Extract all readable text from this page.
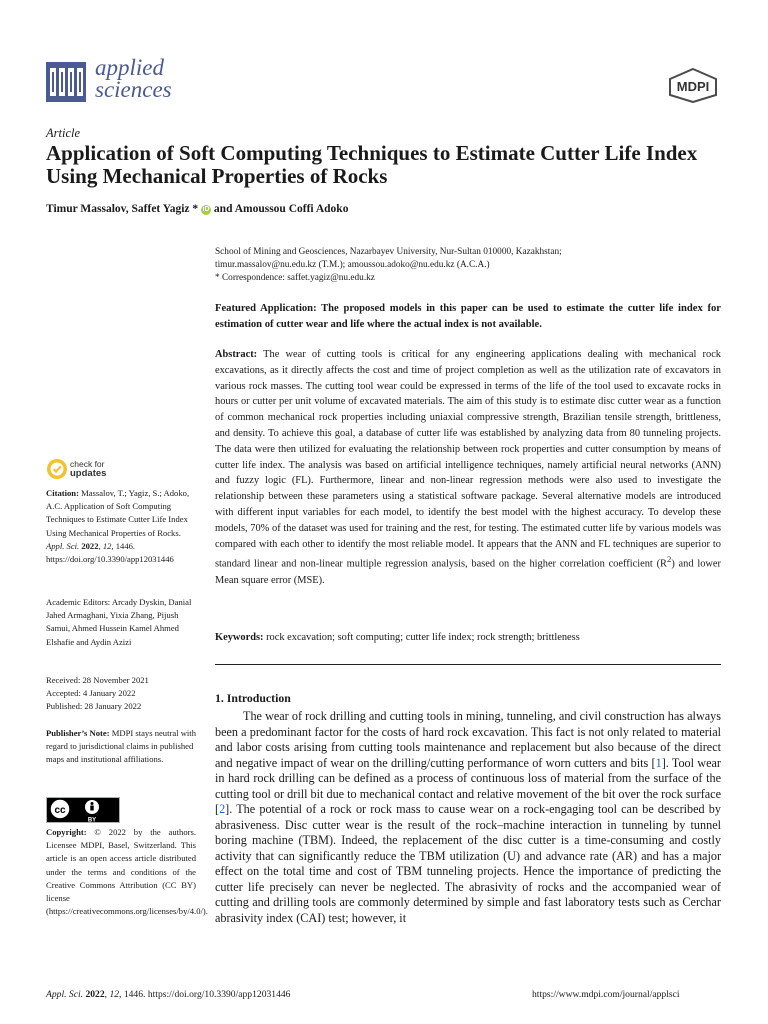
applied
sciences	MDPI
Article
Application of Soft Computing Techniques to Estimate Cutter Life Index Using Mechanical Properties of Rocks
Timur Massalov, Saffet Yagiz * iD and Amoussou Coffi Adoko
School of Mining and Geosciences, Nazarbayev University, Nur-Sultan 010000, Kazakhstan;
timur.massalov@nu.edu.kz (T.M.); amoussou.adoko@nu.edu.kz (A.C.A.)
* Correspondence: saffet.yagiz@nu.edu.kz
Featured Application: The proposed models in this paper can be used to estimate the cutter life index for estimation of cutter wear and life where the actual index is not available.
Abstract: The wear of cutting tools is critical for any engineering applications dealing with mechanical rock excavations, as it directly affects the cost and time of project completion as well as the utilization rate of excavators in various rock masses. The cutting tool wear could be expressed in terms of the life of the tool used to excavate rocks in hours or cutter per unit volume of excavated materials. The aim of this study is to estimate disc cutter wear as a function of common mechanical rock properties including uniaxial compressive strength, Brazilian tensile strength, brittleness, and density. To achieve this goal, a database of cutter life was established by analyzing data from 80 tunneling projects. The data were then utilized for evaluating the relationship between rock properties and cutter consumption by means of cutter life index. The analysis was based on artificial intelligence techniques, namely artificial neural networks (ANN) and fuzzy logic (FL). Furthermore, linear and non-linear regression methods were also used to investigate the relationship between these parameters using a statistical software package. Several alternative models are introduced with different input variables for each model, to identify the best model with the highest accuracy. To develop these models, 70% of the dataset was used for training and the rest, for testing. The estimated cutter life by various models was compared with each other to identify the most reliable model. It appears that the ANN and FL techniques are superior to standard linear and non-linear multiple regression analysis, based on the higher correlation coefficient $(R^2)$ and lower Mean square error (MSE).
Keywords: rock excavation; soft computing; cutter life index; rock strength; brittleness
1. Introduction

The wear of rock drilling and cutting tools in mining, tunneling, and civil construction has always been a predominant factor for the costs of hard rock excavation. This fact is not only related to material and labor costs arising from cutting tools maintenance and replacement but also because of the direct and negative impact of wear on the drilling/cutting performance of worn cutters and bits [1]. Tool wear in hard rock drilling can be defined as a process of continuous loss of material from the surface of the cutting tool or drill bit due to mechanical contact and relative movement of the bit over the rock surface [2]. The potential of a rock or rock mass to cause wear on a rock-engaging tool can be described by abrasiveness. Disc cutter wear is the result of the rock–machine interaction in tunneling by tunnel boring machine (TBM). Indeed, the replacement of the disc cutter is a time-consuming and costly activity that can significantly reduce the TBM utilization (U) and advance rate (AR) and has a major effect on the total time and cost of TBM tunneling projects. Hence the importance of predicting the cutter life precisely can never be neglected. The abrasivity of rocks and the accompanied wear of cutting and drilling tools are commonly determined by simple and fast laboratory tests such as Cerchar abrasivity index (CAI) test; however, it

check for
updates
Citation: Massalov, T.; Yagiz, S.; Adoko, A.C. Application of Soft Computing Techniques to Estimate Cutter Life Index Using Mechanical Properties of Rocks. Appl. Sci. 2022, 12, 1446. https://doi.org/10.3390/app12031446
Academic Editors: Arcady Dyskin, Danial Jahed Armaghani, Yixia Zhang, Pijush Samui, Ahmed Hussein Kamel Ahmed Elshafie and Aydin Azizi
Received: 28 November 2021
Accepted: 4 January 2022
Published: 28 January 2022
Publisher’s Note: MDPI stays neutral with regard to jurisdictional claims in published maps and institutional affiliations.
cc
BY
Copyright: © 2022 by the authors. Licensee MDPI, Basel, Switzerland. This article is an open access article distributed under the terms and conditions of the Creative Commons Attribution (CC BY) license (https://creativecommons.org/licenses/by/4.0/).
Appl. Sci. 2022, 12, 1446. https://doi.org/10.3390/app12031446	https://www.mdpi.com/journal/applsci
